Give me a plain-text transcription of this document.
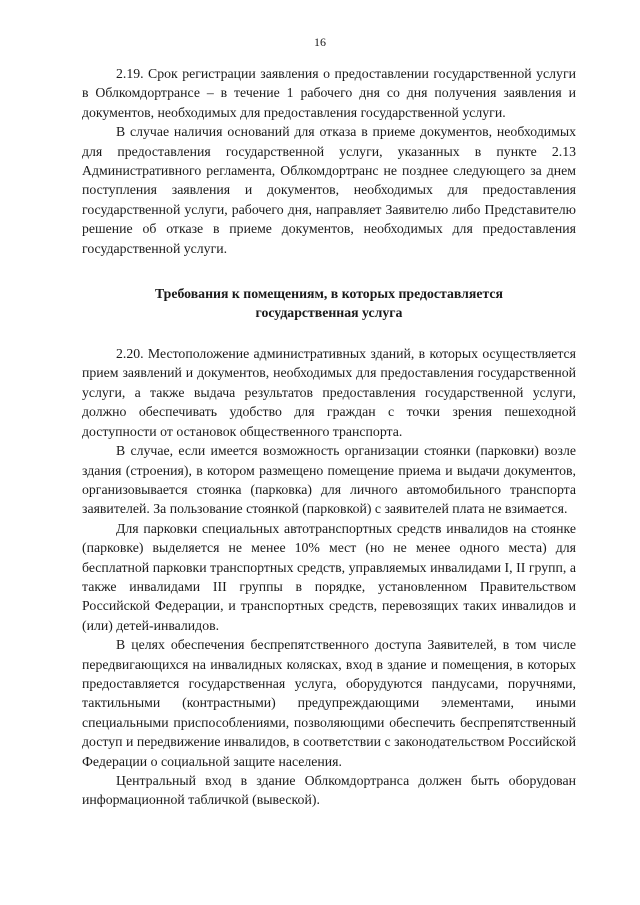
16

2.19. Срок регистрации заявления о предоставлении государственной услуги в Облкомдортрансе – в течение 1 рабочего дня со дня получения заявления и документов, необходимых для предоставления государственной услуги.

В случае наличия оснований для отказа в приеме документов, необходимых для предоставления государственной услуги, указанных в пункте 2.13 Административного регламента, Облкомдортранс не позднее следующего за днем поступления заявления и документов, необходимых для предоставления государственной услуги, рабочего дня, направляет Заявителю либо Представителю решение об отказе в приеме документов, необходимых для предоставления государственной услуги.

Требования к помещениям, в которых предоставляется
государственная услуга

2.20. Местоположение административных зданий, в которых осуществляется прием заявлений и документов, необходимых для предоставления государственной услуги, а также выдача результатов предоставления государственной услуги, должно обеспечивать удобство для граждан с точки зрения пешеходной доступности от остановок общественного транспорта.

В случае, если имеется возможность организации стоянки (парковки) возле здания (строения), в котором размещено помещение приема и выдачи документов, организовывается стоянка (парковка) для личного автомобильного транспорта заявителей. За пользование стоянкой (парковкой) с заявителей плата не взимается.

Для парковки специальных автотранспортных средств инвалидов на стоянке (парковке) выделяется не менее 10% мест (но не менее одного места) для бесплатной парковки транспортных средств, управляемых инвалидами I, II групп, а также инвалидами III группы в порядке, установленном Правительством Российской Федерации, и транспортных средств, перевозящих таких инвалидов и (или) детей-инвалидов.

В целях обеспечения беспрепятственного доступа Заявителей, в том числе передвигающихся на инвалидных колясках, вход в здание и помещения, в которых предоставляется государственная услуга, оборудуются пандусами, поручнями, тактильными (контрастными) предупреждающими элементами, иными специальными приспособлениями, позволяющими обеспечить беспрепятственный доступ и передвижение инвалидов, в соответствии с законодательством Российской Федерации о социальной защите населения.

Центральный вход в здание Облкомдортранса должен быть оборудован информационной табличкой (вывеской).
